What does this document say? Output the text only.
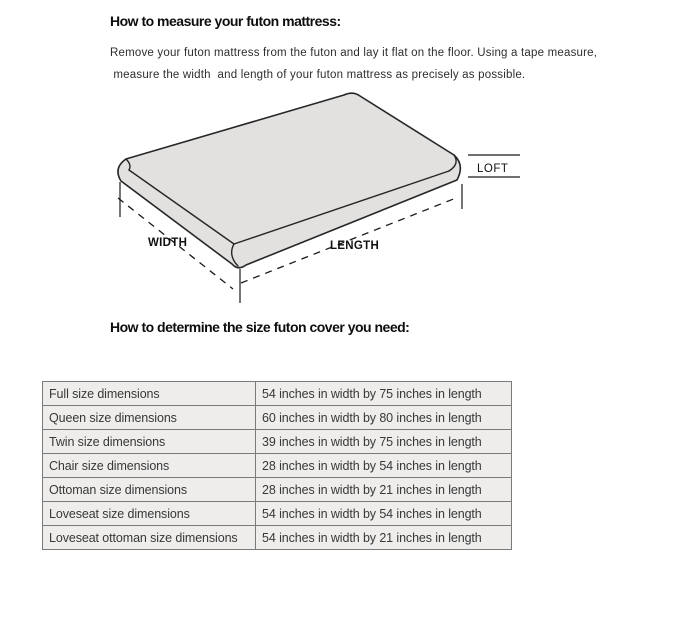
How to measure your futon mattress:
Remove your futon mattress from the futon and lay it flat on the floor. Using a tape measure,
measure the width  and length of your futon mattress as precisely as possible.
WIDTH	LENGTH
LOFT
How to determine the size futon cover you need:
Full size dimensions	54 inches in width by 75 inches in length
Queen size dimensions	60 inches in width by 80 inches in length
Twin size dimensions	39 inches in width by 75 inches in length
Chair size dimensions	28 inches in width by 54 inches in length
Ottoman size dimensions	28 inches in width by 21 inches in length
Loveseat size dimensions	54 inches in width by 54 inches in length
Loveseat ottoman size dimensions	54 inches in width by 21 inches in length
